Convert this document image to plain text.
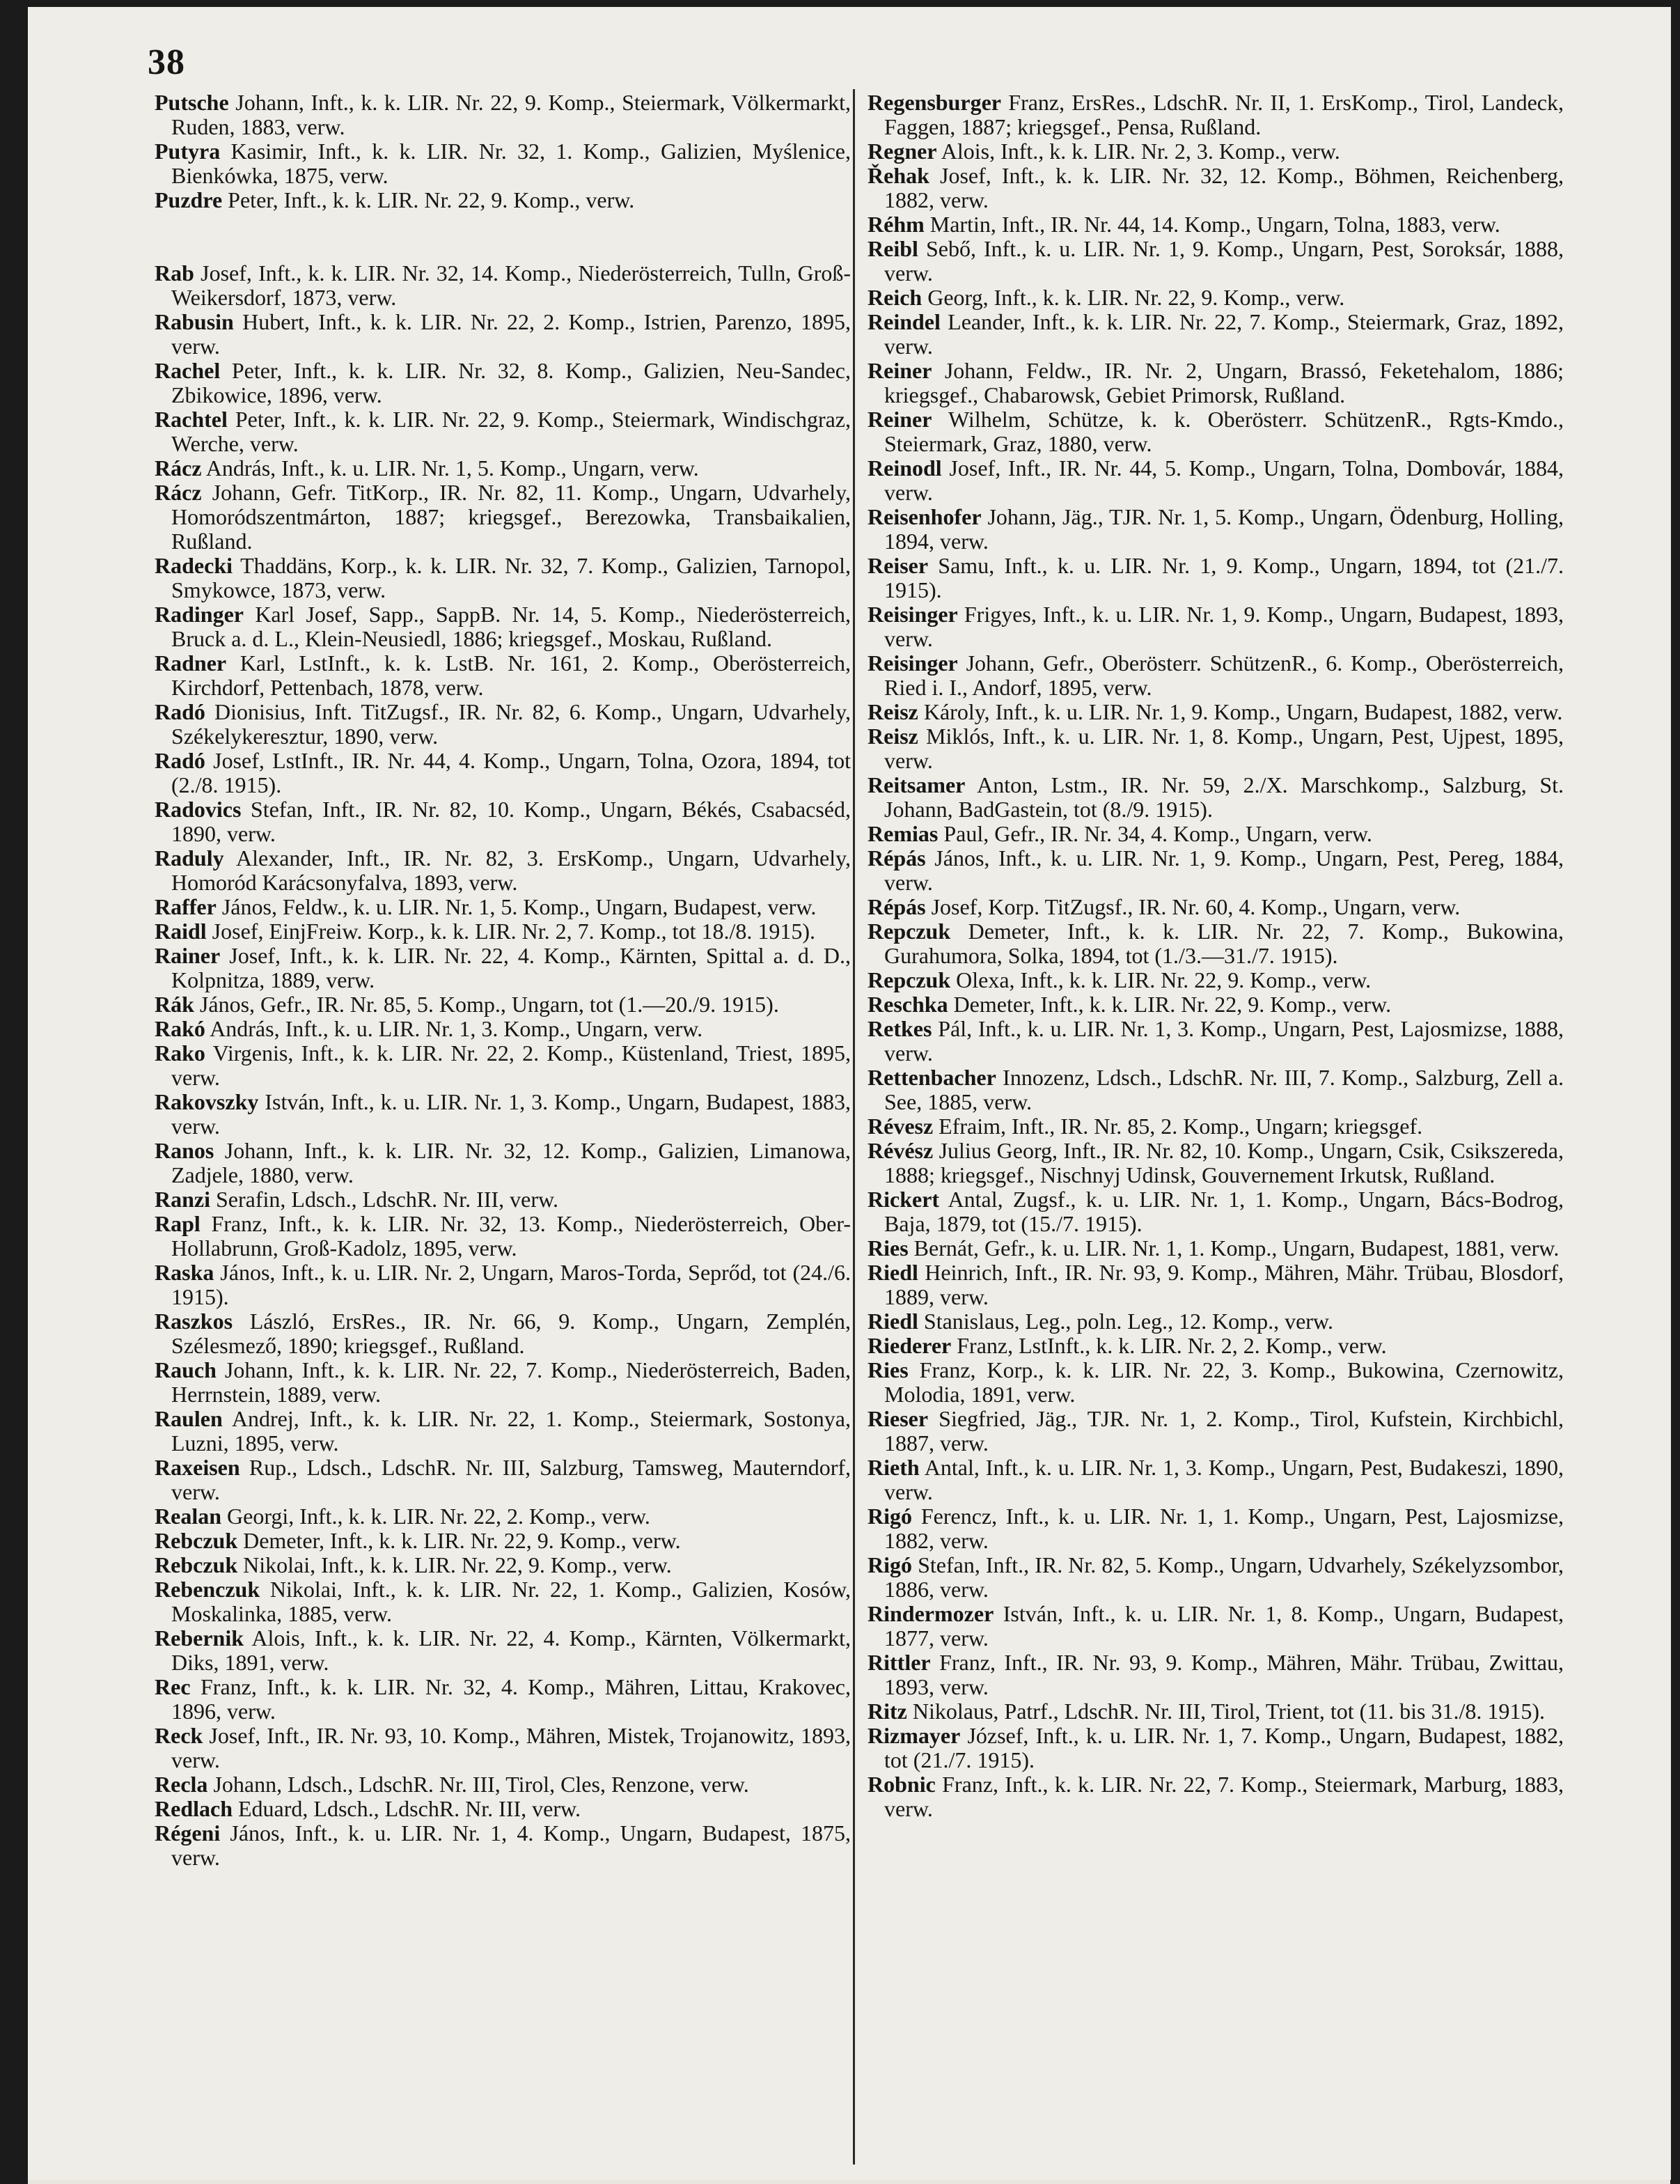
38

Putsche Johann, Inft., k. k. LIR. Nr. 22, 9. Komp., Steiermark, Völkermarkt, Ruden, 1883, verw.

Putyra Kasimir, Inft., k. k. LIR. Nr. 32, 1. Komp., Galizien, Myślenice, Bienkówka, 1875, verw.

Puzdre Peter, Inft., k. k. LIR. Nr. 22, 9. Komp., verw.

Rab Josef, Inft., k. k. LIR. Nr. 32, 14. Komp., Niederösterreich, Tulln, Groß-Weikersdorf, 1873, verw.

Rabusin Hubert, Inft., k. k. LIR. Nr. 22, 2. Komp., Istrien, Parenzo, 1895, verw.

Rachel Peter, Inft., k. k. LIR. Nr. 32, 8. Komp., Galizien, Neu-Sandec, Zbikowice, 1896, verw.

Rachtel Peter, Inft., k. k. LIR. Nr. 22, 9. Komp., Steiermark, Windischgraz, Werche, verw.

Rácz András, Inft., k. u. LIR. Nr. 1, 5. Komp., Ungarn, verw.

Rácz Johann, Gefr. TitKorp., IR. Nr. 82, 11. Komp., Ungarn, Udvarhely, Homoródszentmárton, 1887; kriegsgef., Berezowka, Transbaikalien, Rußland.

Radecki Thaddäns, Korp., k. k. LIR. Nr. 32, 7. Komp., Galizien, Tarnopol, Smykowce, 1873, verw.

Radinger Karl Josef, Sapp., SappB. Nr. 14, 5. Komp., Niederösterreich, Bruck a. d. L., Klein-Neusiedl, 1886; kriegsgef., Moskau, Rußland.

Radner Karl, LstInft., k. k. LstB. Nr. 161, 2. Komp., Oberösterreich, Kirchdorf, Pettenbach, 1878, verw.

Radó Dionisius, Inft. TitZugsf., IR. Nr. 82, 6. Komp., Ungarn, Udvarhely, Székelykeresztur, 1890, verw.

Radó Josef, LstInft., IR. Nr. 44, 4. Komp., Ungarn, Tolna, Ozora, 1894, tot (2./8. 1915).

Radovics Stefan, Inft., IR. Nr. 82, 10. Komp., Ungarn, Békés, Csabacséd, 1890, verw.

Raduly Alexander, Inft., IR. Nr. 82, 3. ErsKomp., Ungarn, Udvarhely, Homoród Karácsonyfalva, 1893, verw.

Raffer János, Feldw., k. u. LIR. Nr. 1, 5. Komp., Ungarn, Budapest, verw.

Raidl Josef, EinjFreiw. Korp., k. k. LIR. Nr. 2, 7. Komp., tot 18./8. 1915).

Rainer Josef, Inft., k. k. LIR. Nr. 22, 4. Komp., Kärnten, Spittal a. d. D., Kolpnitza, 1889, verw.

Rák János, Gefr., IR. Nr. 85, 5. Komp., Ungarn, tot (1.—20./9. 1915).

Rakó András, Inft., k. u. LIR. Nr. 1, 3. Komp., Ungarn, verw.

Rako Virgenis, Inft., k. k. LIR. Nr. 22, 2. Komp., Küstenland, Triest, 1895, verw.

Rakovszky István, Inft., k. u. LIR. Nr. 1, 3. Komp., Ungarn, Budapest, 1883, verw.

Ranos Johann, Inft., k. k. LIR. Nr. 32, 12. Komp., Galizien, Limanowa, Zadjele, 1880, verw.

Ranzi Serafin, Ldsch., LdschR. Nr. III, verw.

Rapl Franz, Inft., k. k. LIR. Nr. 32, 13. Komp., Niederösterreich, Ober-Hollabrunn, Groß-Kadolz, 1895, verw.

Raska János, Inft., k. u. LIR. Nr. 2, Ungarn, Maros-Torda, Seprőd, tot (24./6. 1915).

Raszkos László, ErsRes., IR. Nr. 66, 9. Komp., Ungarn, Zemplén, Szélesmező, 1890; kriegsgef., Rußland.

Rauch Johann, Inft., k. k. LIR. Nr. 22, 7. Komp., Niederösterreich, Baden, Herrnstein, 1889, verw.

Raulen Andrej, Inft., k. k. LIR. Nr. 22, 1. Komp., Steiermark, Sostonya, Luzni, 1895, verw.

Raxeisen Rup., Ldsch., LdschR. Nr. III, Salzburg, Tamsweg, Mauterndorf, verw.

Realan Georgi, Inft., k. k. LIR. Nr. 22, 2. Komp., verw.

Rebczuk Demeter, Inft., k. k. LIR. Nr. 22, 9. Komp., verw.

Rebczuk Nikolai, Inft., k. k. LIR. Nr. 22, 9. Komp., verw.

Rebenczuk Nikolai, Inft., k. k. LIR. Nr. 22, 1. Komp., Galizien, Kosów, Moskalinka, 1885, verw.

Rebernik Alois, Inft., k. k. LIR. Nr. 22, 4. Komp., Kärnten, Völkermarkt, Diks, 1891, verw.

Rec Franz, Inft., k. k. LIR. Nr. 32, 4. Komp., Mähren, Littau, Krakovec, 1896, verw.

Reck Josef, Inft., IR. Nr. 93, 10. Komp., Mähren, Mistek, Trojanowitz, 1893, verw.

Recla Johann, Ldsch., LdschR. Nr. III, Tirol, Cles, Renzone, verw.

Redlach Eduard, Ldsch., LdschR. Nr. III, verw.

Régeni János, Inft., k. u. LIR. Nr. 1, 4. Komp., Ungarn, Budapest, 1875, verw.

Regensburger Franz, ErsRes., LdschR. Nr. II, 1. ErsKomp., Tirol, Landeck, Faggen, 1887; kriegsgef., Pensa, Rußland.

Regner Alois, Inft., k. k. LIR. Nr. 2, 3. Komp., verw.

Řehak Josef, Inft., k. k. LIR. Nr. 32, 12. Komp., Böhmen, Reichenberg, 1882, verw.

Réhm Martin, Inft., IR. Nr. 44, 14. Komp., Ungarn, Tolna, 1883, verw.

Reibl Sebő, Inft., k. u. LIR. Nr. 1, 9. Komp., Ungarn, Pest, Soroksár, 1888, verw.

Reich Georg, Inft., k. k. LIR. Nr. 22, 9. Komp., verw.

Reindel Leander, Inft., k. k. LIR. Nr. 22, 7. Komp., Steiermark, Graz, 1892, verw.

Reiner Johann, Feldw., IR. Nr. 2, Ungarn, Brassó, Feketehalom, 1886; kriegsgef., Chabarowsk, Gebiet Primorsk, Rußland.

Reiner Wilhelm, Schütze, k. k. Oberösterr. SchützenR., Rgts-Kmdo., Steiermark, Graz, 1880, verw.

Reinodl Josef, Inft., IR. Nr. 44, 5. Komp., Ungarn, Tolna, Dombovár, 1884, verw.

Reisenhofer Johann, Jäg., TJR. Nr. 1, 5. Komp., Ungarn, Ödenburg, Holling, 1894, verw.

Reiser Samu, Inft., k. u. LIR. Nr. 1, 9. Komp., Ungarn, 1894, tot (21./7. 1915).

Reisinger Frigyes, Inft., k. u. LIR. Nr. 1, 9. Komp., Ungarn, Budapest, 1893, verw.

Reisinger Johann, Gefr., Oberösterr. SchützenR., 6. Komp., Oberösterreich, Ried i. I., Andorf, 1895, verw.

Reisz Károly, Inft., k. u. LIR. Nr. 1, 9. Komp., Ungarn, Budapest, 1882, verw.

Reisz Miklós, Inft., k. u. LIR. Nr. 1, 8. Komp., Ungarn, Pest, Ujpest, 1895, verw.

Reitsamer Anton, Lstm., IR. Nr. 59, 2./X. Marschkomp., Salzburg, St. Johann, BadGastein, tot (8./9. 1915).

Remias Paul, Gefr., IR. Nr. 34, 4. Komp., Ungarn, verw.

Répás János, Inft., k. u. LIR. Nr. 1, 9. Komp., Ungarn, Pest, Pereg, 1884, verw.

Répás Josef, Korp. TitZugsf., IR. Nr. 60, 4. Komp., Ungarn, verw.

Repczuk Demeter, Inft., k. k. LIR. Nr. 22, 7. Komp., Bukowina, Gurahumora, Solka, 1894, tot (1./3.—31./7. 1915).

Repczuk Olexa, Inft., k. k. LIR. Nr. 22, 9. Komp., verw.

Reschka Demeter, Inft., k. k. LIR. Nr. 22, 9. Komp., verw.

Retkes Pál, Inft., k. u. LIR. Nr. 1, 3. Komp., Ungarn, Pest, Lajosmizse, 1888, verw.

Rettenbacher Innozenz, Ldsch., LdschR. Nr. III, 7. Komp., Salzburg, Zell a. See, 1885, verw.

Révesz Efraim, Inft., IR. Nr. 85, 2. Komp., Ungarn; kriegsgef.

Révész Julius Georg, Inft., IR. Nr. 82, 10. Komp., Ungarn, Csik, Csikszereda, 1888; kriegsgef., Nischnyj Udinsk, Gouvernement Irkutsk, Rußland.

Rickert Antal, Zugsf., k. u. LIR. Nr. 1, 1. Komp., Ungarn, Bács-Bodrog, Baja, 1879, tot (15./7. 1915).

Ries Bernát, Gefr., k. u. LIR. Nr. 1, 1. Komp., Ungarn, Budapest, 1881, verw.

Riedl Heinrich, Inft., IR. Nr. 93, 9. Komp., Mähren, Mähr. Trübau, Blosdorf, 1889, verw.

Riedl Stanislaus, Leg., poln. Leg., 12. Komp., verw.

Riederer Franz, LstInft., k. k. LIR. Nr. 2, 2. Komp., verw.

Ries Franz, Korp., k. k. LIR. Nr. 22, 3. Komp., Bukowina, Czernowitz, Molodia, 1891, verw.

Rieser Siegfried, Jäg., TJR. Nr. 1, 2. Komp., Tirol, Kufstein, Kirchbichl, 1887, verw.

Rieth Antal, Inft., k. u. LIR. Nr. 1, 3. Komp., Ungarn, Pest, Budakeszi, 1890, verw.

Rigó Ferencz, Inft., k. u. LIR. Nr. 1, 1. Komp., Ungarn, Pest, Lajosmizse, 1882, verw.

Rigó Stefan, Inft., IR. Nr. 82, 5. Komp., Ungarn, Udvarhely, Székelyzsombor, 1886, verw.

Rindermozer István, Inft., k. u. LIR. Nr. 1, 8. Komp., Ungarn, Budapest, 1877, verw.

Rittler Franz, Inft., IR. Nr. 93, 9. Komp., Mähren, Mähr. Trübau, Zwittau, 1893, verw.

Ritz Nikolaus, Patrf., LdschR. Nr. III, Tirol, Trient, tot (11. bis 31./8. 1915).

Rizmayer József, Inft., k. u. LIR. Nr. 1, 7. Komp., Ungarn, Budapest, 1882, tot (21./7. 1915).

Robnic Franz, Inft., k. k. LIR. Nr. 22, 7. Komp., Steiermark, Marburg, 1883, verw.
